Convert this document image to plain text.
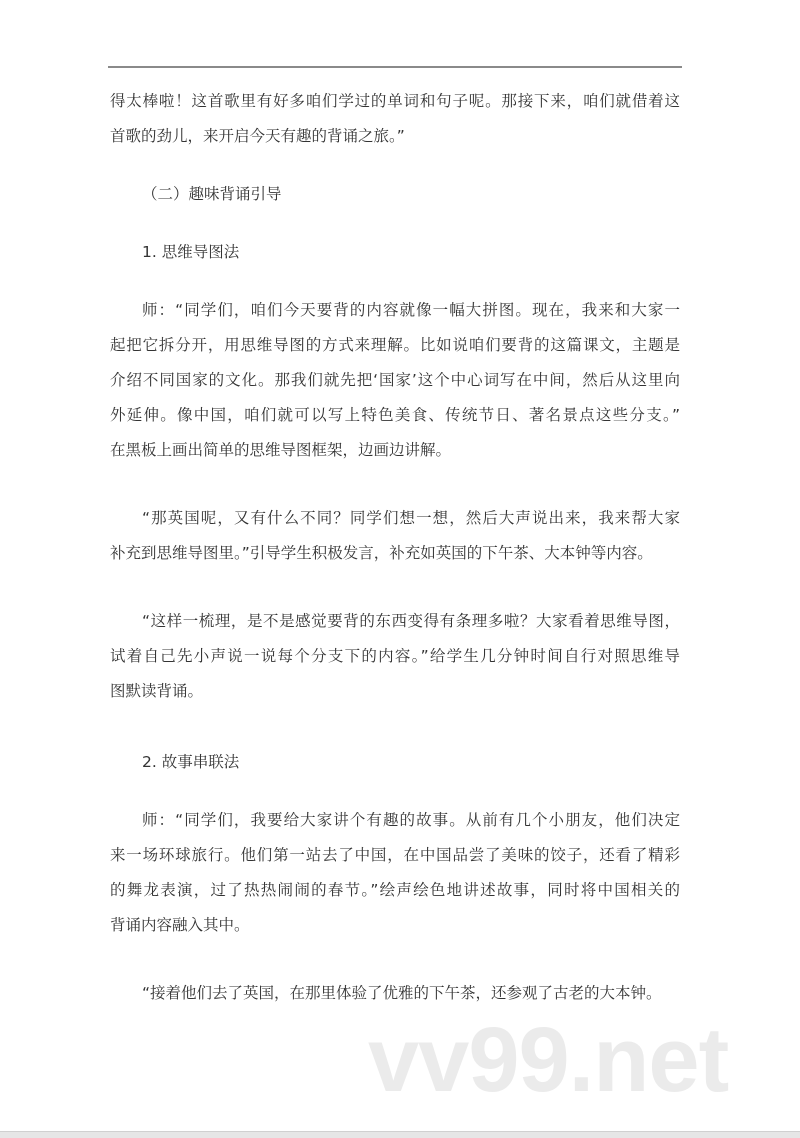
得太棒啦！这首歌里有好多咱们学过的单词和句子呢。那接下来，咱们就借着这
首歌的劲儿，来开启今天有趣的背诵之旅。”
（二）趣味背诵引导
1. 思维导图法
师：“同学们，咱们今天要背的内容就像一幅大拼图。现在，我来和大家一
起把它拆分开，用思维导图的方式来理解。比如说咱们要背的这篇课文，主题是
介绍不同国家的文化。那我们就先把‘国家’这个中心词写在中间，然后从这里向
外延伸。像中国，咱们就可以写上特色美食、传统节日、著名景点这些分支。”
在黑板上画出简单的思维导图框架，边画边讲解。
“那英国呢，又有什么不同？同学们想一想，然后大声说出来，我来帮大家
补充到思维导图里。”引导学生积极发言，补充如英国的下午茶、大本钟等内容。
“这样一梳理，是不是感觉要背的东西变得有条理多啦？大家看着思维导图，
试着自己先小声说一说每个分支下的内容。”给学生几分钟时间自行对照思维导
图默读背诵。
2. 故事串联法
师：“同学们，我要给大家讲个有趣的故事。从前有几个小朋友，他们决定
来一场环球旅行。他们第一站去了中国，在中国品尝了美味的饺子，还看了精彩
的舞龙表演，过了热热闹闹的春节。”绘声绘色地讲述故事，同时将中国相关的
背诵内容融入其中。
“接着他们去了英国，在那里体验了优雅的下午茶，还参观了古老的大本钟。
vv99.net
